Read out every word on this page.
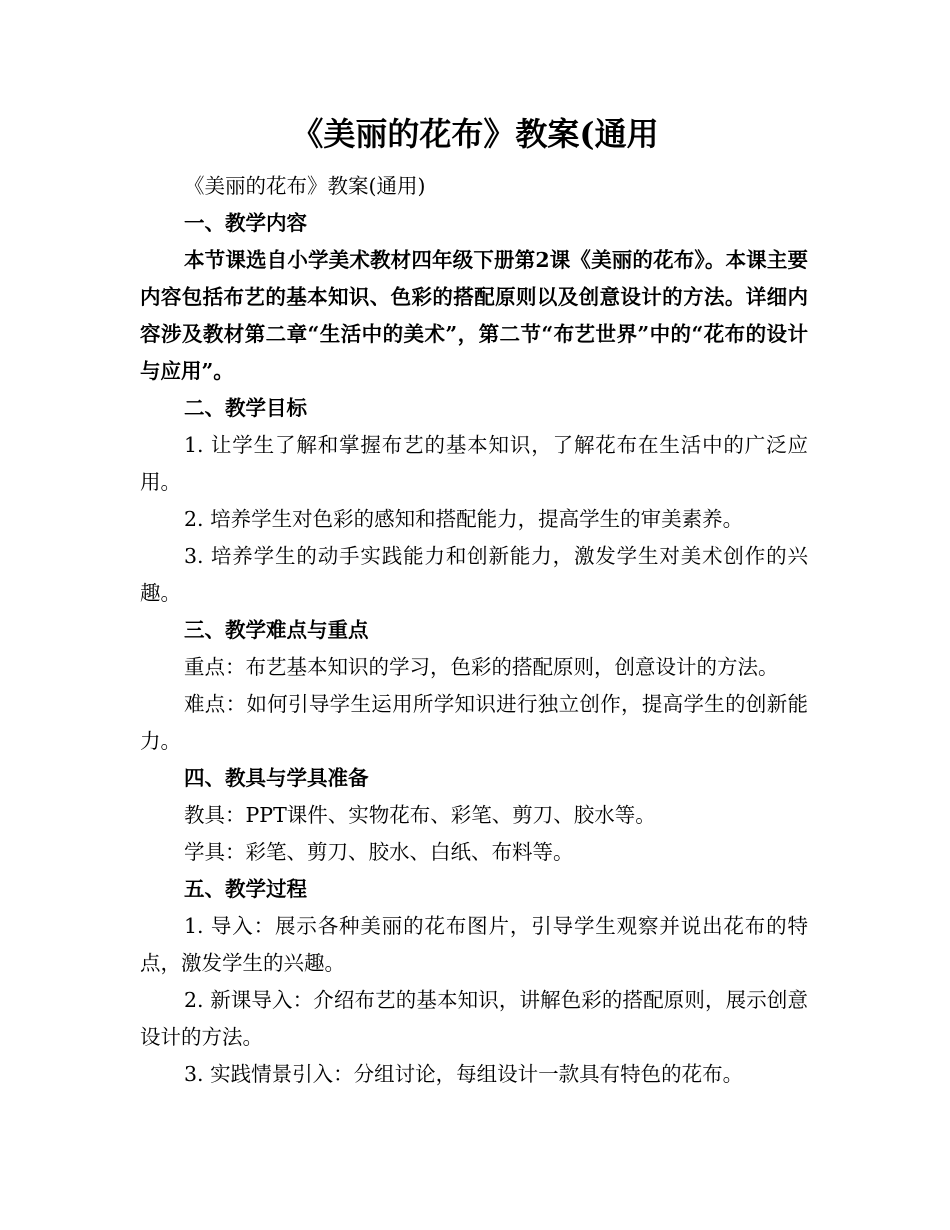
《美丽的花布》教案(通用

《美丽的花布》教案(通用)

一、教学内容

本节课选自小学美术教材四年级下册第2课《美丽的花布》。本课主要内容包括布艺的基本知识、色彩的搭配原则以及创意设计的方法。详细内容涉及教材第二章“生活中的美术”，第二节“布艺世界”中的“花布的设计与应用”。

二、教学目标

1. 让学生了解和掌握布艺的基本知识，了解花布在生活中的广泛应用。

2. 培养学生对色彩的感知和搭配能力，提高学生的审美素养。

3. 培养学生的动手实践能力和创新能力，激发学生对美术创作的兴趣。

三、教学难点与重点

重点：布艺基本知识的学习，色彩的搭配原则，创意设计的方法。

难点：如何引导学生运用所学知识进行独立创作，提高学生的创新能力。

四、教具与学具准备

教具：PPT课件、实物花布、彩笔、剪刀、胶水等。

学具：彩笔、剪刀、胶水、白纸、布料等。

五、教学过程

1. 导入：展示各种美丽的花布图片，引导学生观察并说出花布的特点，激发学生的兴趣。

2. 新课导入：介绍布艺的基本知识，讲解色彩的搭配原则，展示创意设计的方法。

3. 实践情景引入：分组讨论，每组设计一款具有特色的花布。
